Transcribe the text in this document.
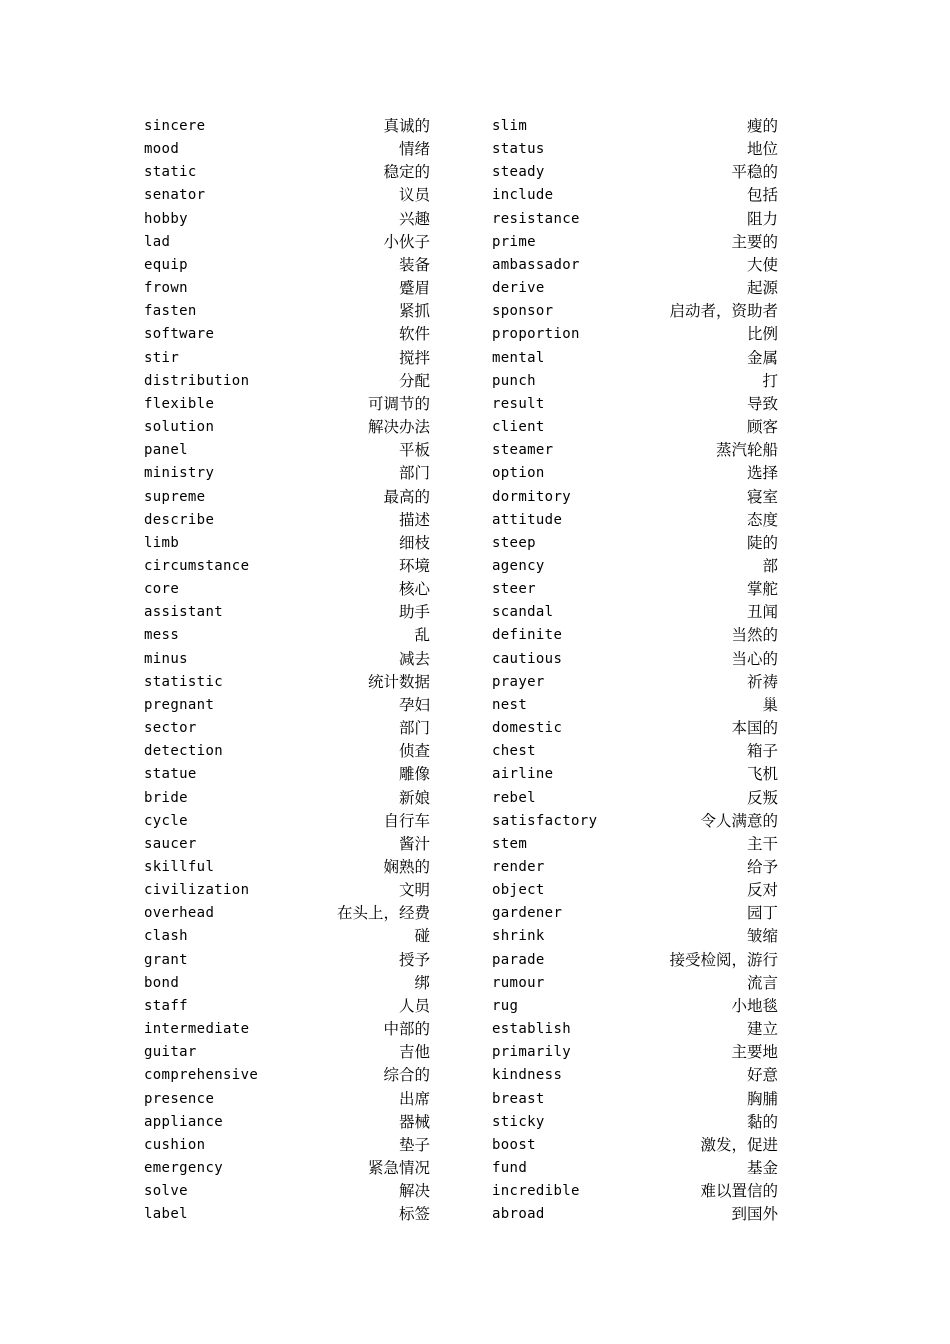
sincere	真诚的
mood	情绪
static	稳定的
senator	议员
hobby	兴趣
lad	小伙子
equip	装备
frown	蹙眉
fasten	紧抓
software	软件
stir	搅拌
distribution	分配
flexible	可调节的
solution	解决办法
panel	平板
ministry	部门
supreme	最高的
describe	描述
limb	细枝
circumstance	环境
core	核心
assistant	助手
mess	乱
minus	减去
statistic	统计数据
pregnant	孕妇
sector	部门
detection	侦查
statue	雕像
bride	新娘
cycle	自行车
saucer	酱汁
skillful	娴熟的
civilization	文明
overhead	在头上，经费
clash	碰
grant	授予
bond	绑
staff	人员
intermediate	中部的
guitar	吉他
comprehensive	综合的
presence	出席
appliance	器械
cushion	垫子
emergency	紧急情况
solve	解决
label	标签
slim	瘦的
status	地位
steady	平稳的
include	包括
resistance	阻力
prime	主要的
ambassador	大使
derive	起源
sponsor	启动者，资助者
proportion	比例
mental	金属
punch	打
result	导致
client	顾客
steamer	蒸汽轮船
option	选择
dormitory	寝室
attitude	态度
steep	陡的
agency	部
steer	掌舵
scandal	丑闻
definite	当然的
cautious	当心的
prayer	祈祷
nest	巢
domestic	本国的
chest	箱子
airline	飞机
rebel	反叛
satisfactory	令人满意的
stem	主干
render	给予
object	反对
gardener	园丁
shrink	皱缩
parade	接受检阅，游行
rumour	流言
rug	小地毯
establish	建立
primarily	主要地
kindness	好意
breast	胸脯
sticky	黏的
boost	激发，促进
fund	基金
incredible	难以置信的
abroad	到国外
